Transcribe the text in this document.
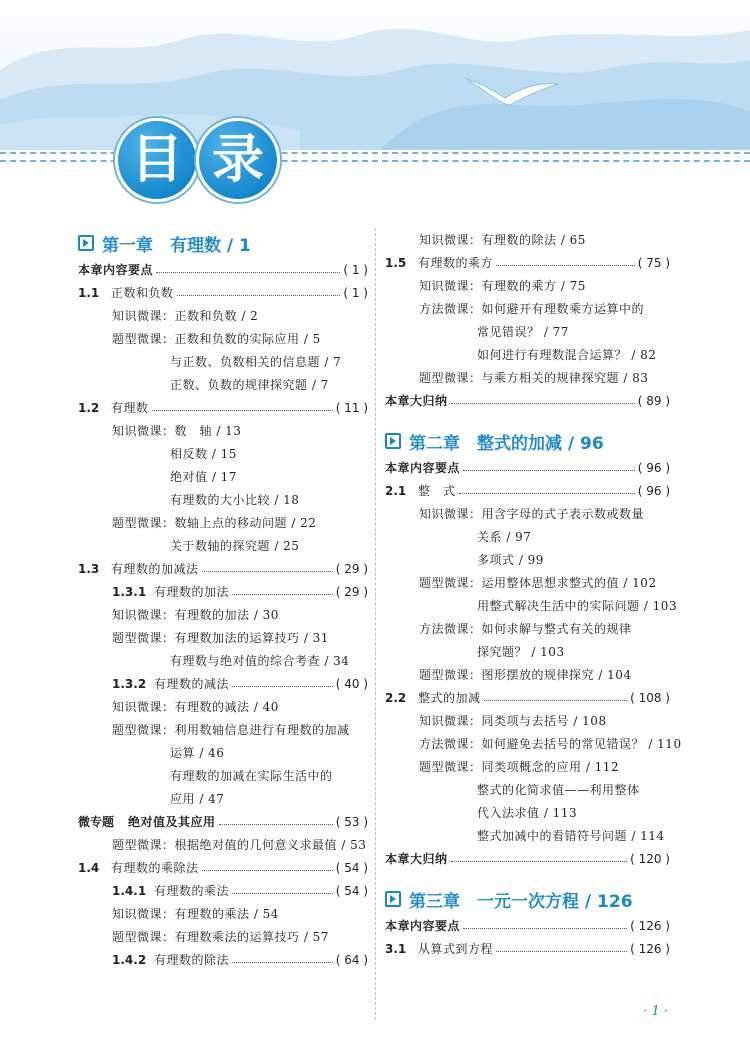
目 录
第一章　有理数 / 1
本章内容要点	( 1 )
1.1 正数和负数	( 1 )
知识微课：正数和负数 / 2
题型微课：正数和负数的实际应用 / 5
与正数、负数相关的信息题 / 7
正数、负数的规律探究题 / 7
1.2 有理数	( 11 )
知识微课：数　轴 / 13
相反数 / 15
绝对值 / 17
有理数的大小比较 / 18
题型微课：数轴上点的移动问题 / 22
关于数轴的探究题 / 25
1.3 有理数的加减法	( 29 )
1.3.1 有理数的加法	( 29 )
知识微课：有理数的加法 / 30
题型微课：有理数加法的运算技巧 / 31
有理数与绝对值的综合考查 / 34
1.3.2 有理数的减法	( 40 )
知识微课：有理数的减法 / 40
题型微课：利用数轴信息进行有理数的加减
运算 / 46
有理数的加减在实际生活中的
应用 / 47
微专题 绝对值及其应用	( 53 )
题型微课：根据绝对值的几何意义求最值 / 53
1.4 有理数的乘除法	( 54 )
1.4.1 有理数的乘法	( 54 )
知识微课：有理数的乘法 / 54
题型微课：有理数乘法的运算技巧 / 57
1.4.2 有理数的除法	( 64 )
知识微课：有理数的除法 / 65
1.5 有理数的乘方	( 75 )
知识微课：有理数的乘方 / 75
方法微课：如何避开有理数乘方运算中的
常见错误？ / 77
如何进行有理数混合运算？ / 82
题型微课：与乘方相关的规律探究题 / 83
本章大归纳	( 89 )
第二章　整式的加减 / 96
本章内容要点	( 96 )
2.1 整　式	( 96 )
知识微课：用含字母的式子表示数或数量
关系 / 97
多项式 / 99
题型微课：运用整体思想求整式的值 / 102
用整式解决生活中的实际问题 / 103
方法微课：如何求解与整式有关的规律
探究题？ / 103
题型微课：图形摆放的规律探究 / 104
2.2 整式的加减	( 108 )
知识微课：同类项与去括号 / 108
方法微课：如何避免去括号的常见错误？ / 110
题型微课：同类项概念的应用 / 112
整式的化简求值——利用整体
代入法求值 / 113
整式加减中的看错符号问题 / 114
本章大归纳	( 120 )
第三章　一元一次方程 / 126
本章内容要点	( 126 )
3.1 从算式到方程	( 126 )
· 1 ·
